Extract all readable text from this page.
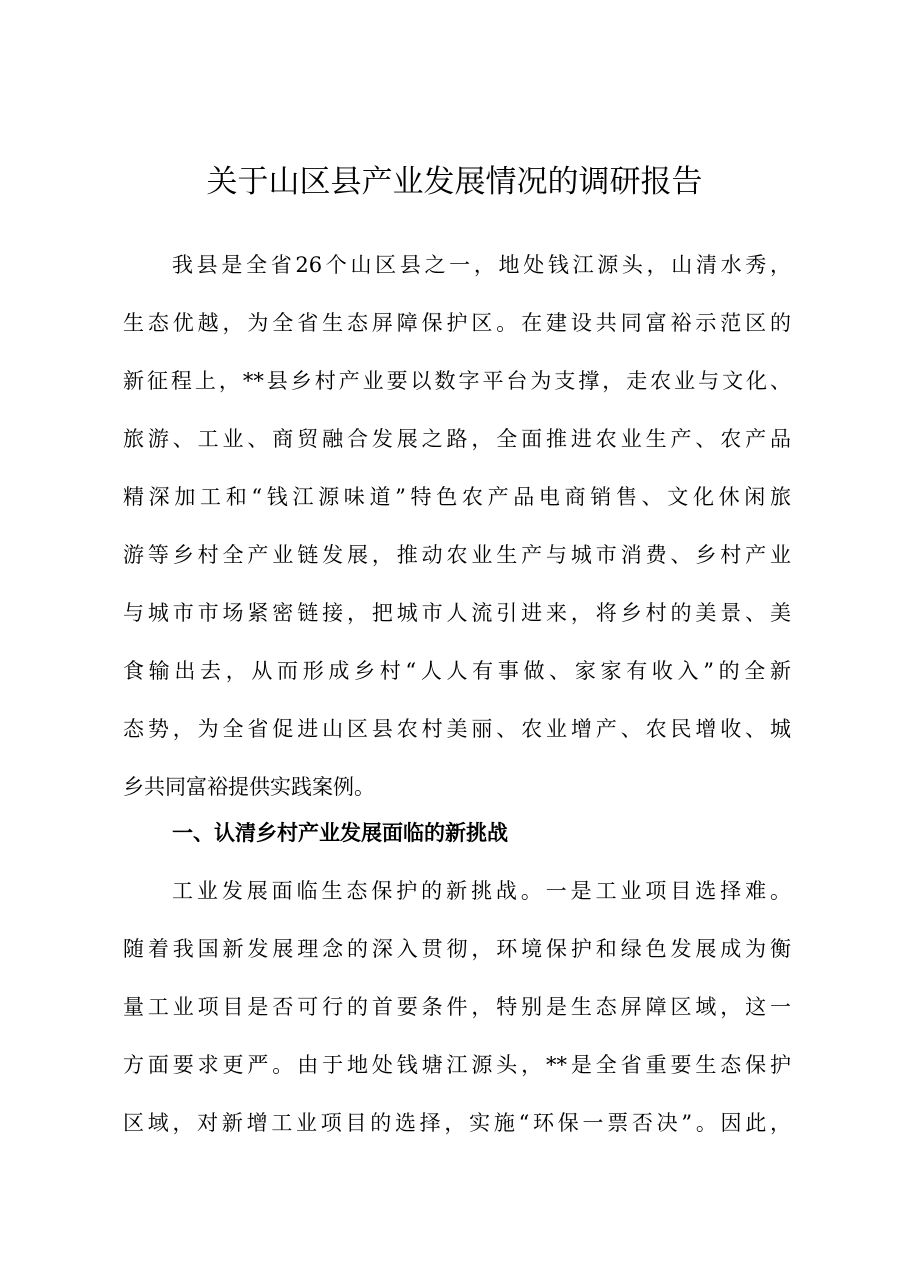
关于山区县产业发展情况的调研报告
我县是全省26个山区县之一，地处钱江源头，山清水秀，
生态优越，为全省生态屏障保护区。在建设共同富裕示范区的
新征程上，**县乡村产业要以数字平台为支撑，走农业与文化、
旅游、工业、商贸融合发展之路，全面推进农业生产、农产品
精深加工和“钱江源味道”特色农产品电商销售、文化休闲旅
游等乡村全产业链发展，推动农业生产与城市消费、乡村产业
与城市市场紧密链接，把城市人流引进来，将乡村的美景、美
食输出去，从而形成乡村“人人有事做、家家有收入”的全新
态势，为全省促进山区县农村美丽、农业增产、农民增收、城
乡共同富裕提供实践案例。
一、认清乡村产业发展面临的新挑战
工业发展面临生态保护的新挑战。一是工业项目选择难。
随着我国新发展理念的深入贯彻，环境保护和绿色发展成为衡
量工业项目是否可行的首要条件，特别是生态屏障区域，这一
方面要求更严。由于地处钱塘江源头，**是全省重要生态保护
区域，对新增工业项目的选择，实施“环保一票否决”。因此，
